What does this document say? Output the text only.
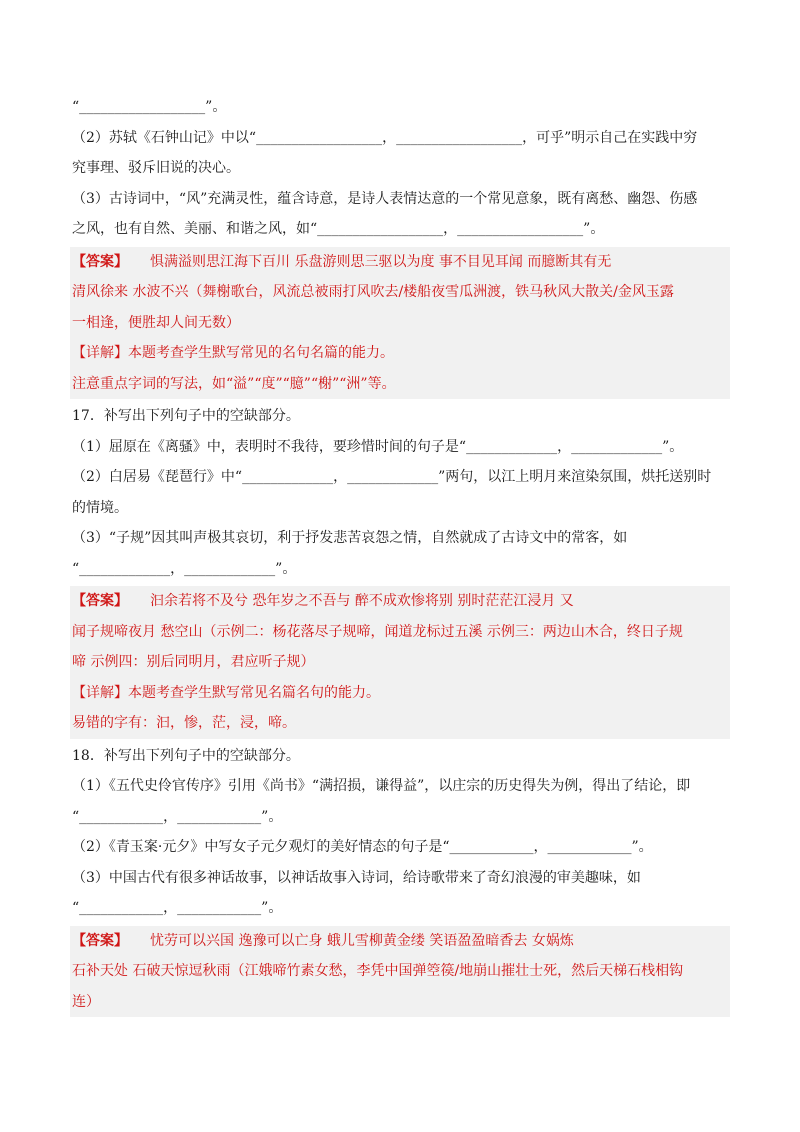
“__________________”。
（2）苏轼《石钟山记》中以“__________________，__________________，可乎”明示自己在实践中穷
究事理、驳斥旧说的决心。
（3）古诗词中，“风”充满灵性，蕴含诗意，是诗人表情达意的一个常见意象，既有离愁、幽怨、伤感
之风，也有自然、美丽、和谐之风，如“__________________，__________________”。
【答案】 惧满溢则思江海下百川 乐盘游则思三驱以为度 事不目见耳闻 而臆断其有无
清风徐来 水波不兴（舞榭歌台，风流总被雨打风吹去/楼船夜雪瓜洲渡，铁马秋风大散关/金风玉露
一相逢，便胜却人间无数）
【详解】本题考查学生默写常见的名句名篇的能力。
注意重点字词的写法，如“溢”“度”“臆”“榭”“洲”等。
17．补写出下列句子中的空缺部分。
（1）屈原在《离骚》中，表明时不我待，要珍惜时间的句子是“_____________，_____________”。
（2）白居易《琵琶行》中“_____________，_____________”两句，以江上明月来渲染氛围，烘托送别时
的情境。
（3）“子规”因其叫声极其哀切，利于抒发悲苦哀怨之情，自然就成了古诗文中的常客，如
“_____________，_____________”。
【答案】 汩余若将不及兮 恐年岁之不吾与 醉不成欢惨将别 别时茫茫江浸月 又
闻子规啼夜月 愁空山（示例二：杨花落尽子规啼，闻道龙标过五溪 示例三：两边山木合，终日子规
啼 示例四：别后同明月，君应听子规）
【详解】本题考查学生默写常见名篇名句的能力。
易错的字有：汩，惨，茫，浸，啼。
18．补写出下列句子中的空缺部分。
（1）《五代史伶官传序》引用《尚书》“满招损，谦得益”，以庄宗的历史得失为例，得出了结论，即
“____________，____________”。
（2）《青玉案·元夕》中写女子元夕观灯的美好情态的句子是“____________，____________”。
（3）中国古代有很多神话故事，以神话故事入诗词，给诗歌带来了奇幻浪漫的审美趣味，如
“____________，____________”。
【答案】 忧劳可以兴国 逸豫可以亡身 蛾儿雪柳黄金缕 笑语盈盈暗香去 女娲炼
石补天处 石破天惊逗秋雨（江娥啼竹素女愁，李凭中国弹箜篌/地崩山摧壮士死，然后天梯石栈相钩
连）
